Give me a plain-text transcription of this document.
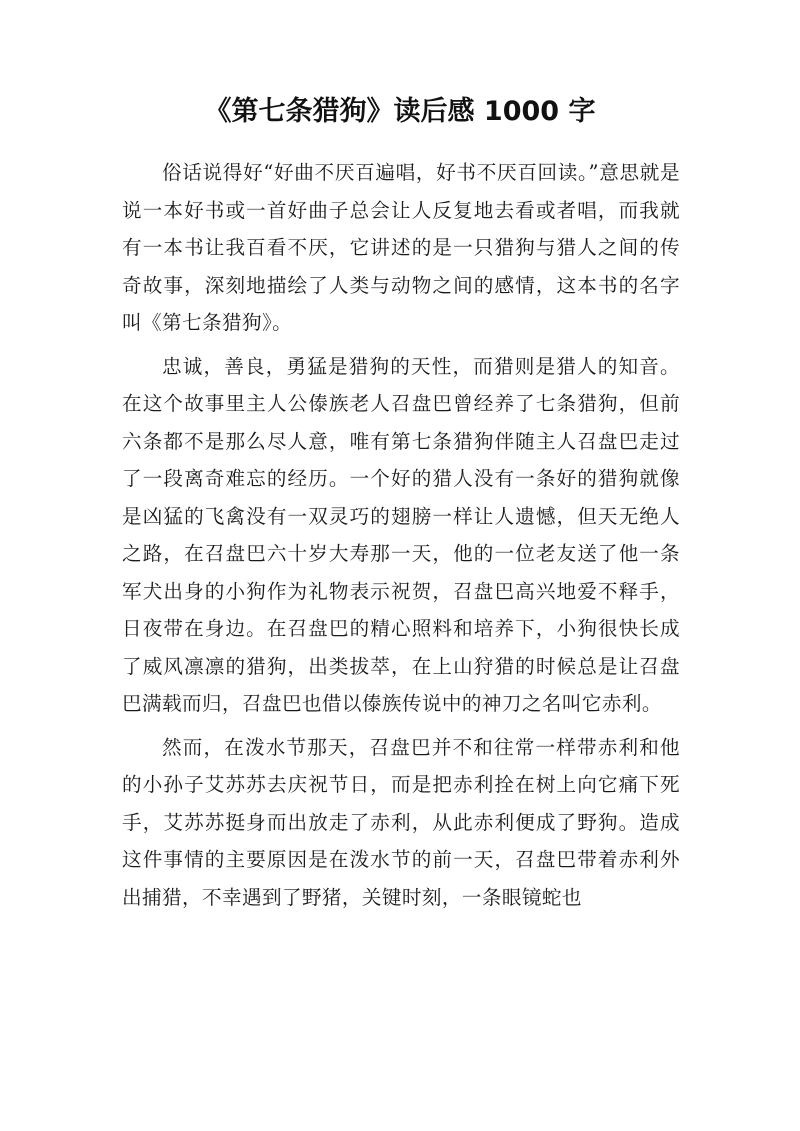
《第七条猎狗》读后感 1000 字

俗话说得好“好曲不厌百遍唱，好书不厌百回读。”意思就是说一本好书或一首好曲子总会让人反复地去看或者唱，而我就有一本书让我百看不厌，它讲述的是一只猎狗与猎人之间的传奇故事，深刻地描绘了人类与动物之间的感情，这本书的名字叫《第七条猎狗》。

忠诚，善良，勇猛是猎狗的天性，而猎则是猎人的知音。在这个故事里主人公傣族老人召盘巴曾经养了七条猎狗，但前六条都不是那么尽人意，唯有第七条猎狗伴随主人召盘巴走过了一段离奇难忘的经历。一个好的猎人没有一条好的猎狗就像是凶猛的飞禽没有一双灵巧的翅膀一样让人遗憾，但天无绝人之路，在召盘巴六十岁大寿那一天，他的一位老友送了他一条军犬出身的小狗作为礼物表示祝贺，召盘巴高兴地爱不释手，日夜带在身边。在召盘巴的精心照料和培养下，小狗很快长成了威风凛凛的猎狗，出类拔萃，在上山狩猎的时候总是让召盘巴满载而归，召盘巴也借以傣族传说中的神刀之名叫它赤利。

然而，在泼水节那天，召盘巴并不和往常一样带赤利和他的小孙子艾苏苏去庆祝节日，而是把赤利拴在树上向它痛下死手，艾苏苏挺身而出放走了赤利，从此赤利便成了野狗。造成这件事情的主要原因是在泼水节的前一天，召盘巴带着赤利外出捕猎，不幸遇到了野猪，关键时刻，一条眼镜蛇也
